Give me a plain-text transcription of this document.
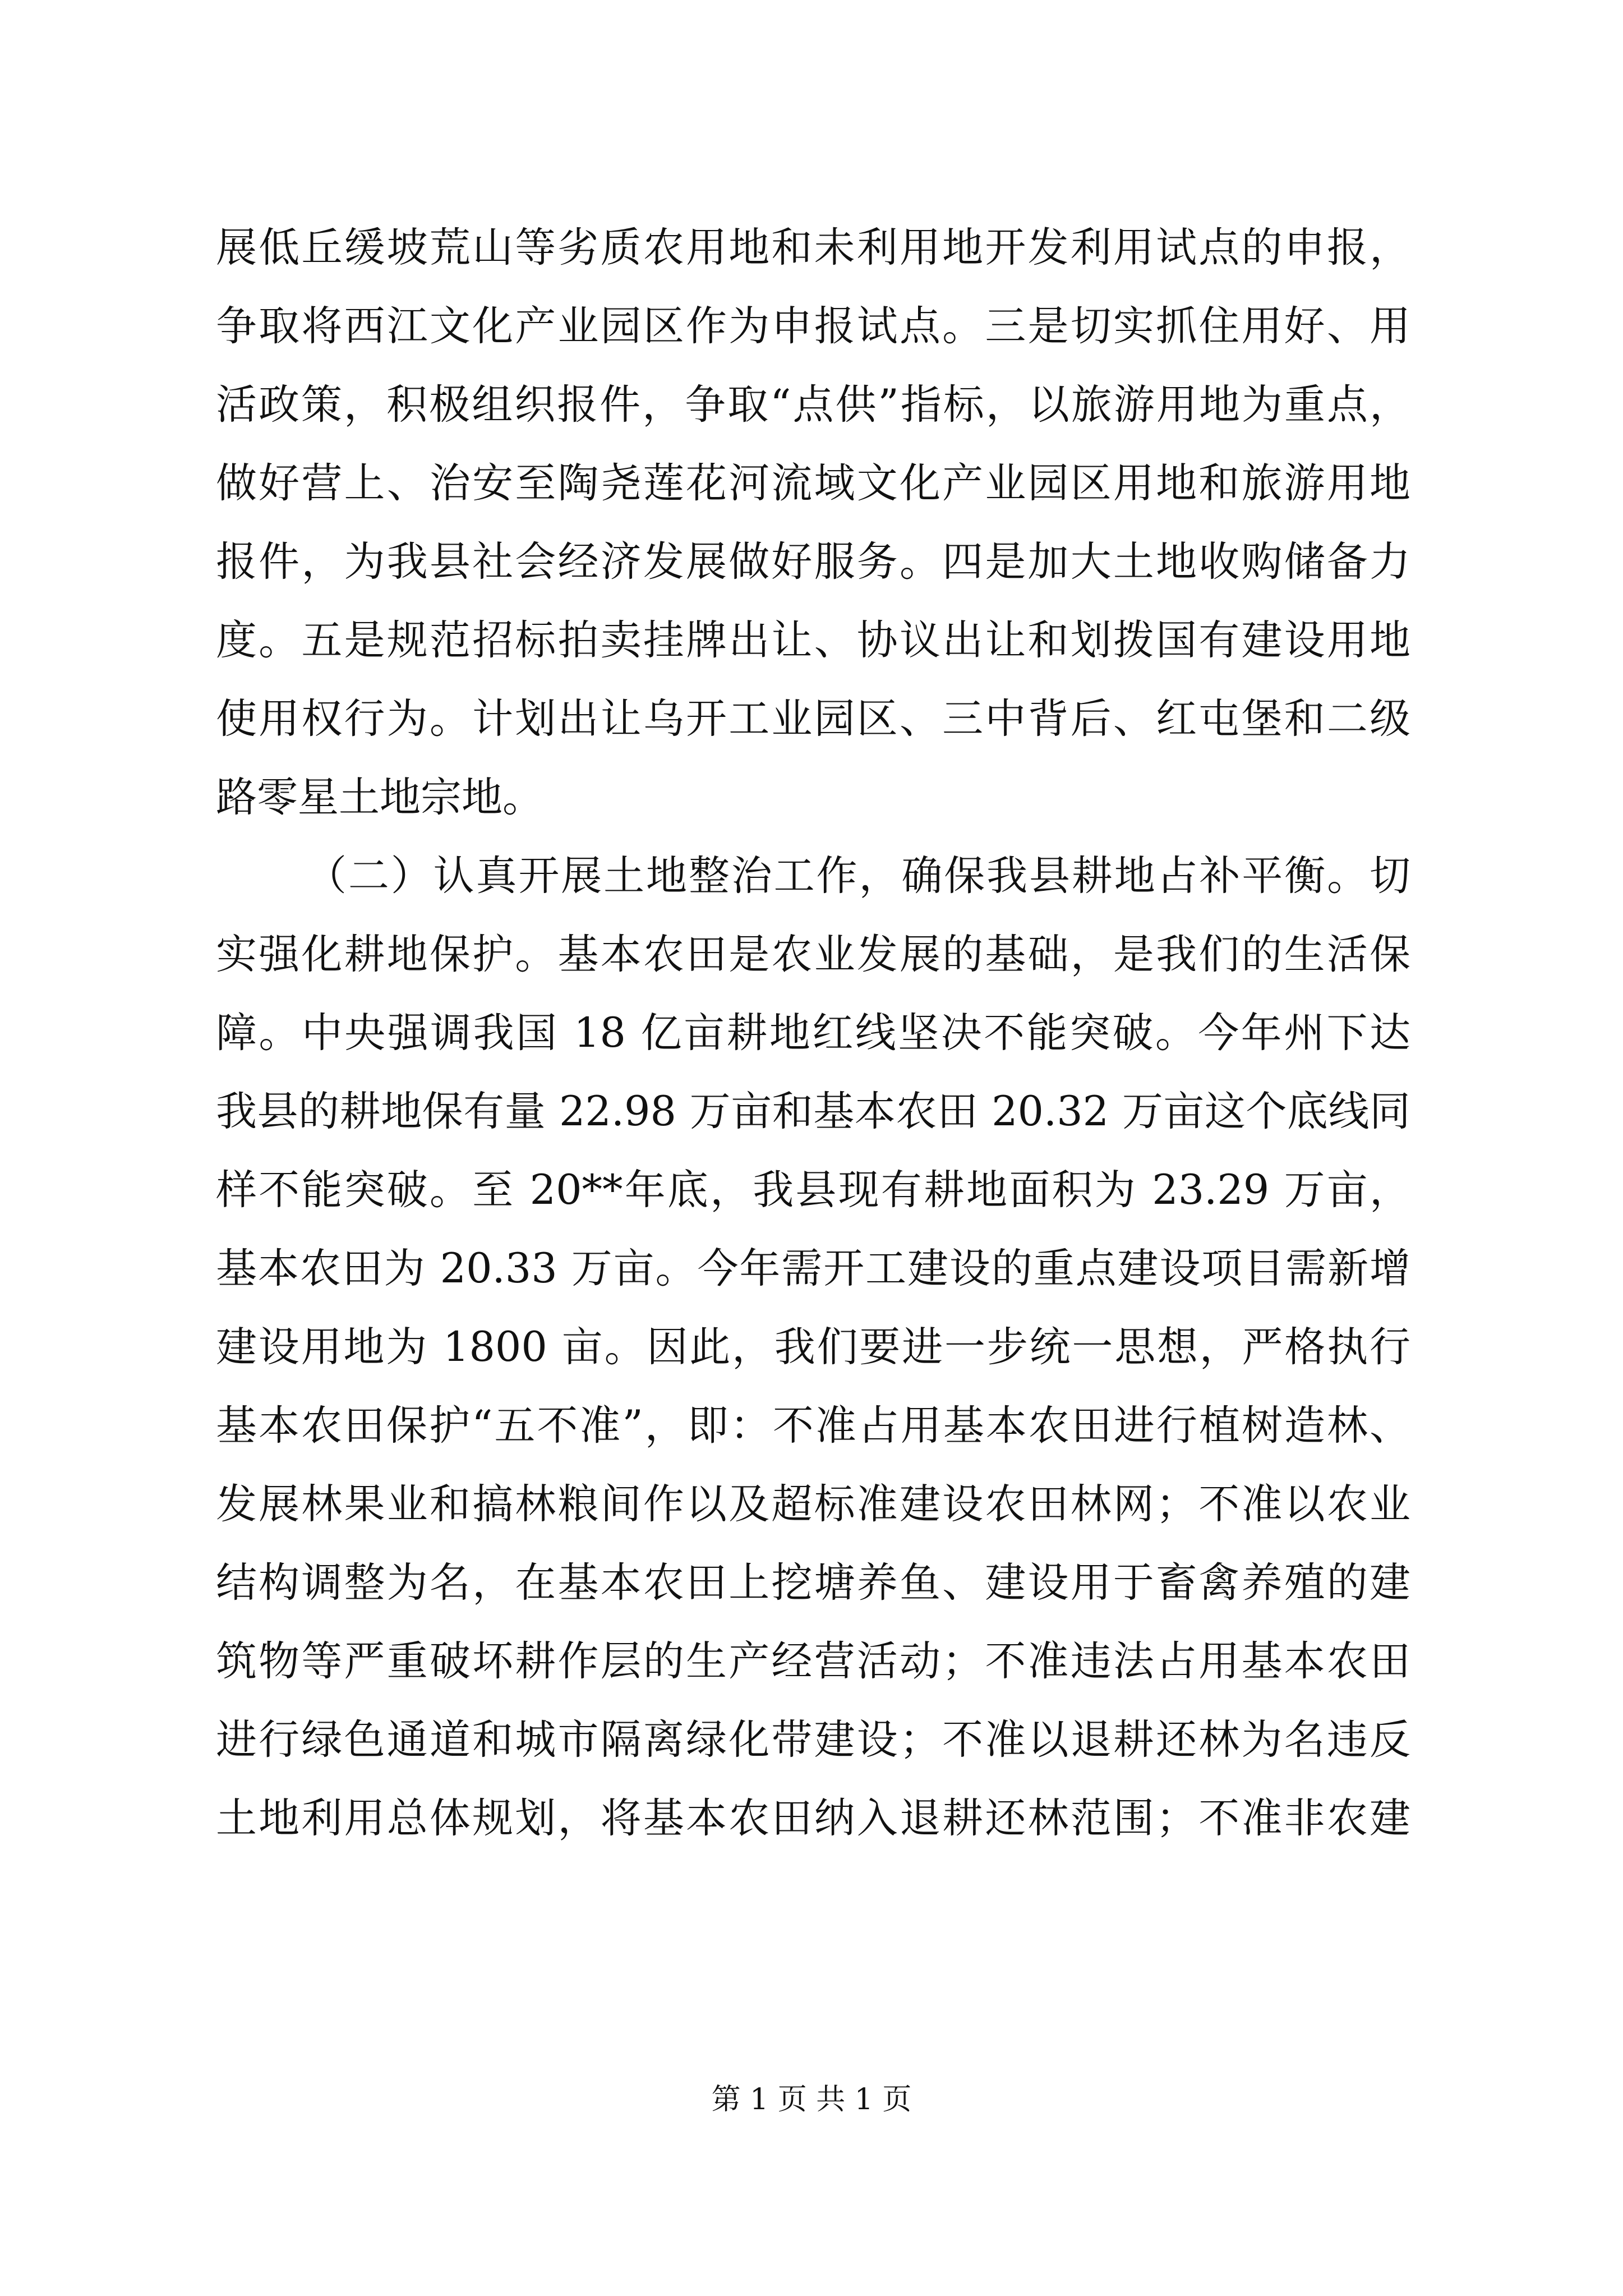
展低丘缓坡荒山等劣质农用地和未利用地开发利用试点的申报，
争取将西江文化产业园区作为申报试点。三是切实抓住用好、用
活政策，积极组织报件，争取“点供”指标，以旅游用地为重点，
做好营上、治安至陶尧莲花河流域文化产业园区用地和旅游用地
报件，为我县社会经济发展做好服务。四是加大土地收购储备力
度。五是规范招标拍卖挂牌出让、协议出让和划拨国有建设用地
使用权行为。计划出让乌开工业园区、三中背后、红屯堡和二级
路零星土地宗地。
（二）认真开展土地整治工作，确保我县耕地占补平衡。切
实强化耕地保护。基本农田是农业发展的基础，是我们的生活保
障。中央强调我国 18 亿亩耕地红线坚决不能突破。今年州下达
我县的耕地保有量 22.98 万亩和基本农田 20.32 万亩这个底线同
样不能突破。至 20**年底，我县现有耕地面积为 23.29 万亩，
基本农田为 20.33 万亩。今年需开工建设的重点建设项目需新增
建设用地为 1800 亩。因此，我们要进一步统一思想，严格执行
基本农田保护“五不准”，即：不准占用基本农田进行植树造林、
发展林果业和搞林粮间作以及超标准建设农田林网；不准以农业
结构调整为名，在基本农田上挖塘养鱼、建设用于畜禽养殖的建
筑物等严重破坏耕作层的生产经营活动；不准违法占用基本农田
进行绿色通道和城市隔离绿化带建设；不准以退耕还林为名违反
土地利用总体规划，将基本农田纳入退耕还林范围；不准非农建
第 1 页 共 1 页
